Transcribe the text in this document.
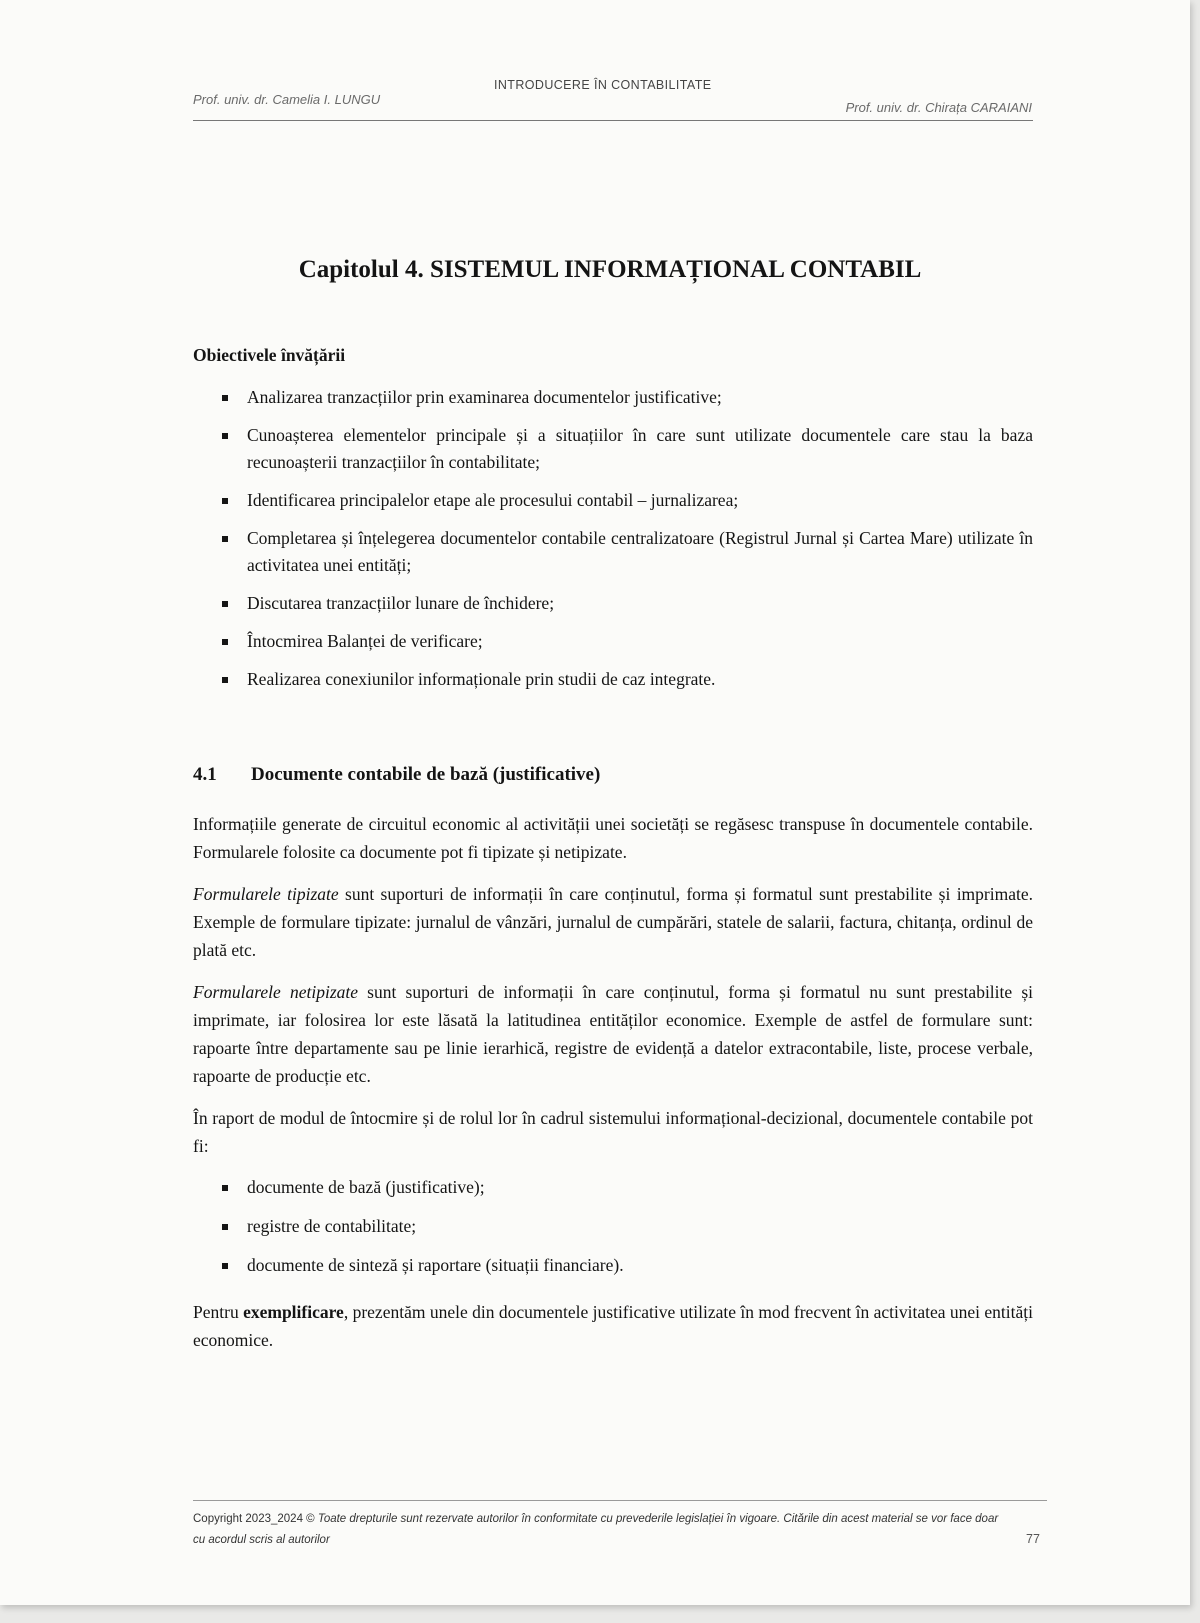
Prof. univ. dr. Camelia I. LUNGU
INTRODUCERE ÎN CONTABILITATE
Prof. univ. dr. Chirața CARAIANI
Capitolul 4. SISTEMUL INFORMAȚIONAL CONTABIL
Obiectivele învățării
Analizarea tranzacțiilor prin examinarea documentelor justificative;
Cunoașterea elementelor principale și a situațiilor în care sunt utilizate documentele care stau la baza recunoașterii tranzacțiilor în contabilitate;
Identificarea principalelor etape ale procesului contabil – jurnalizarea;
Completarea și înțelegerea documentelor contabile centralizatoare (Registrul Jurnal și Cartea Mare) utilizate în activitatea unei entități;
Discutarea tranzacțiilor lunare de închidere;
Întocmirea Balanței de verificare;
Realizarea conexiunilor informaționale prin studii de caz integrate.
4.1 Documente contabile de bază (justificative)

Informațiile generate de circuitul economic al activității unei societăți se regăsesc transpuse în documentele contabile. Formularele folosite ca documente pot fi tipizate și netipizate.

Formularele tipizate sunt suporturi de informații în care conținutul, forma și formatul sunt prestabilite și imprimate. Exemple de formulare tipizate: jurnalul de vânzări, jurnalul de cumpărări, statele de salarii, factura, chitanța, ordinul de plată etc.

Formularele netipizate sunt suporturi de informații în care conținutul, forma și formatul nu sunt prestabilite și imprimate, iar folosirea lor este lăsată la latitudinea entităților economice. Exemple de astfel de formulare sunt: rapoarte între departamente sau pe linie ierarhică, registre de evidență a datelor extracontabile, liste, procese verbale, rapoarte de producție etc.

În raport de modul de întocmire și de rolul lor în cadrul sistemului informațional-decizional, documentele contabile pot fi:

documente de bază (justificative);
registre de contabilitate;
documente de sinteză și raportare (situații financiare).

Pentru exemplificare, prezentăm unele din documentele justificative utilizate în mod frecvent în activitatea unei entități economice.

Copyright 2023_2024 © Toate drepturile sunt rezervate autorilor în conformitate cu prevederile legislației în vigoare. Citările din acest material se vor face doar cu acordul scris al autorilor	77
